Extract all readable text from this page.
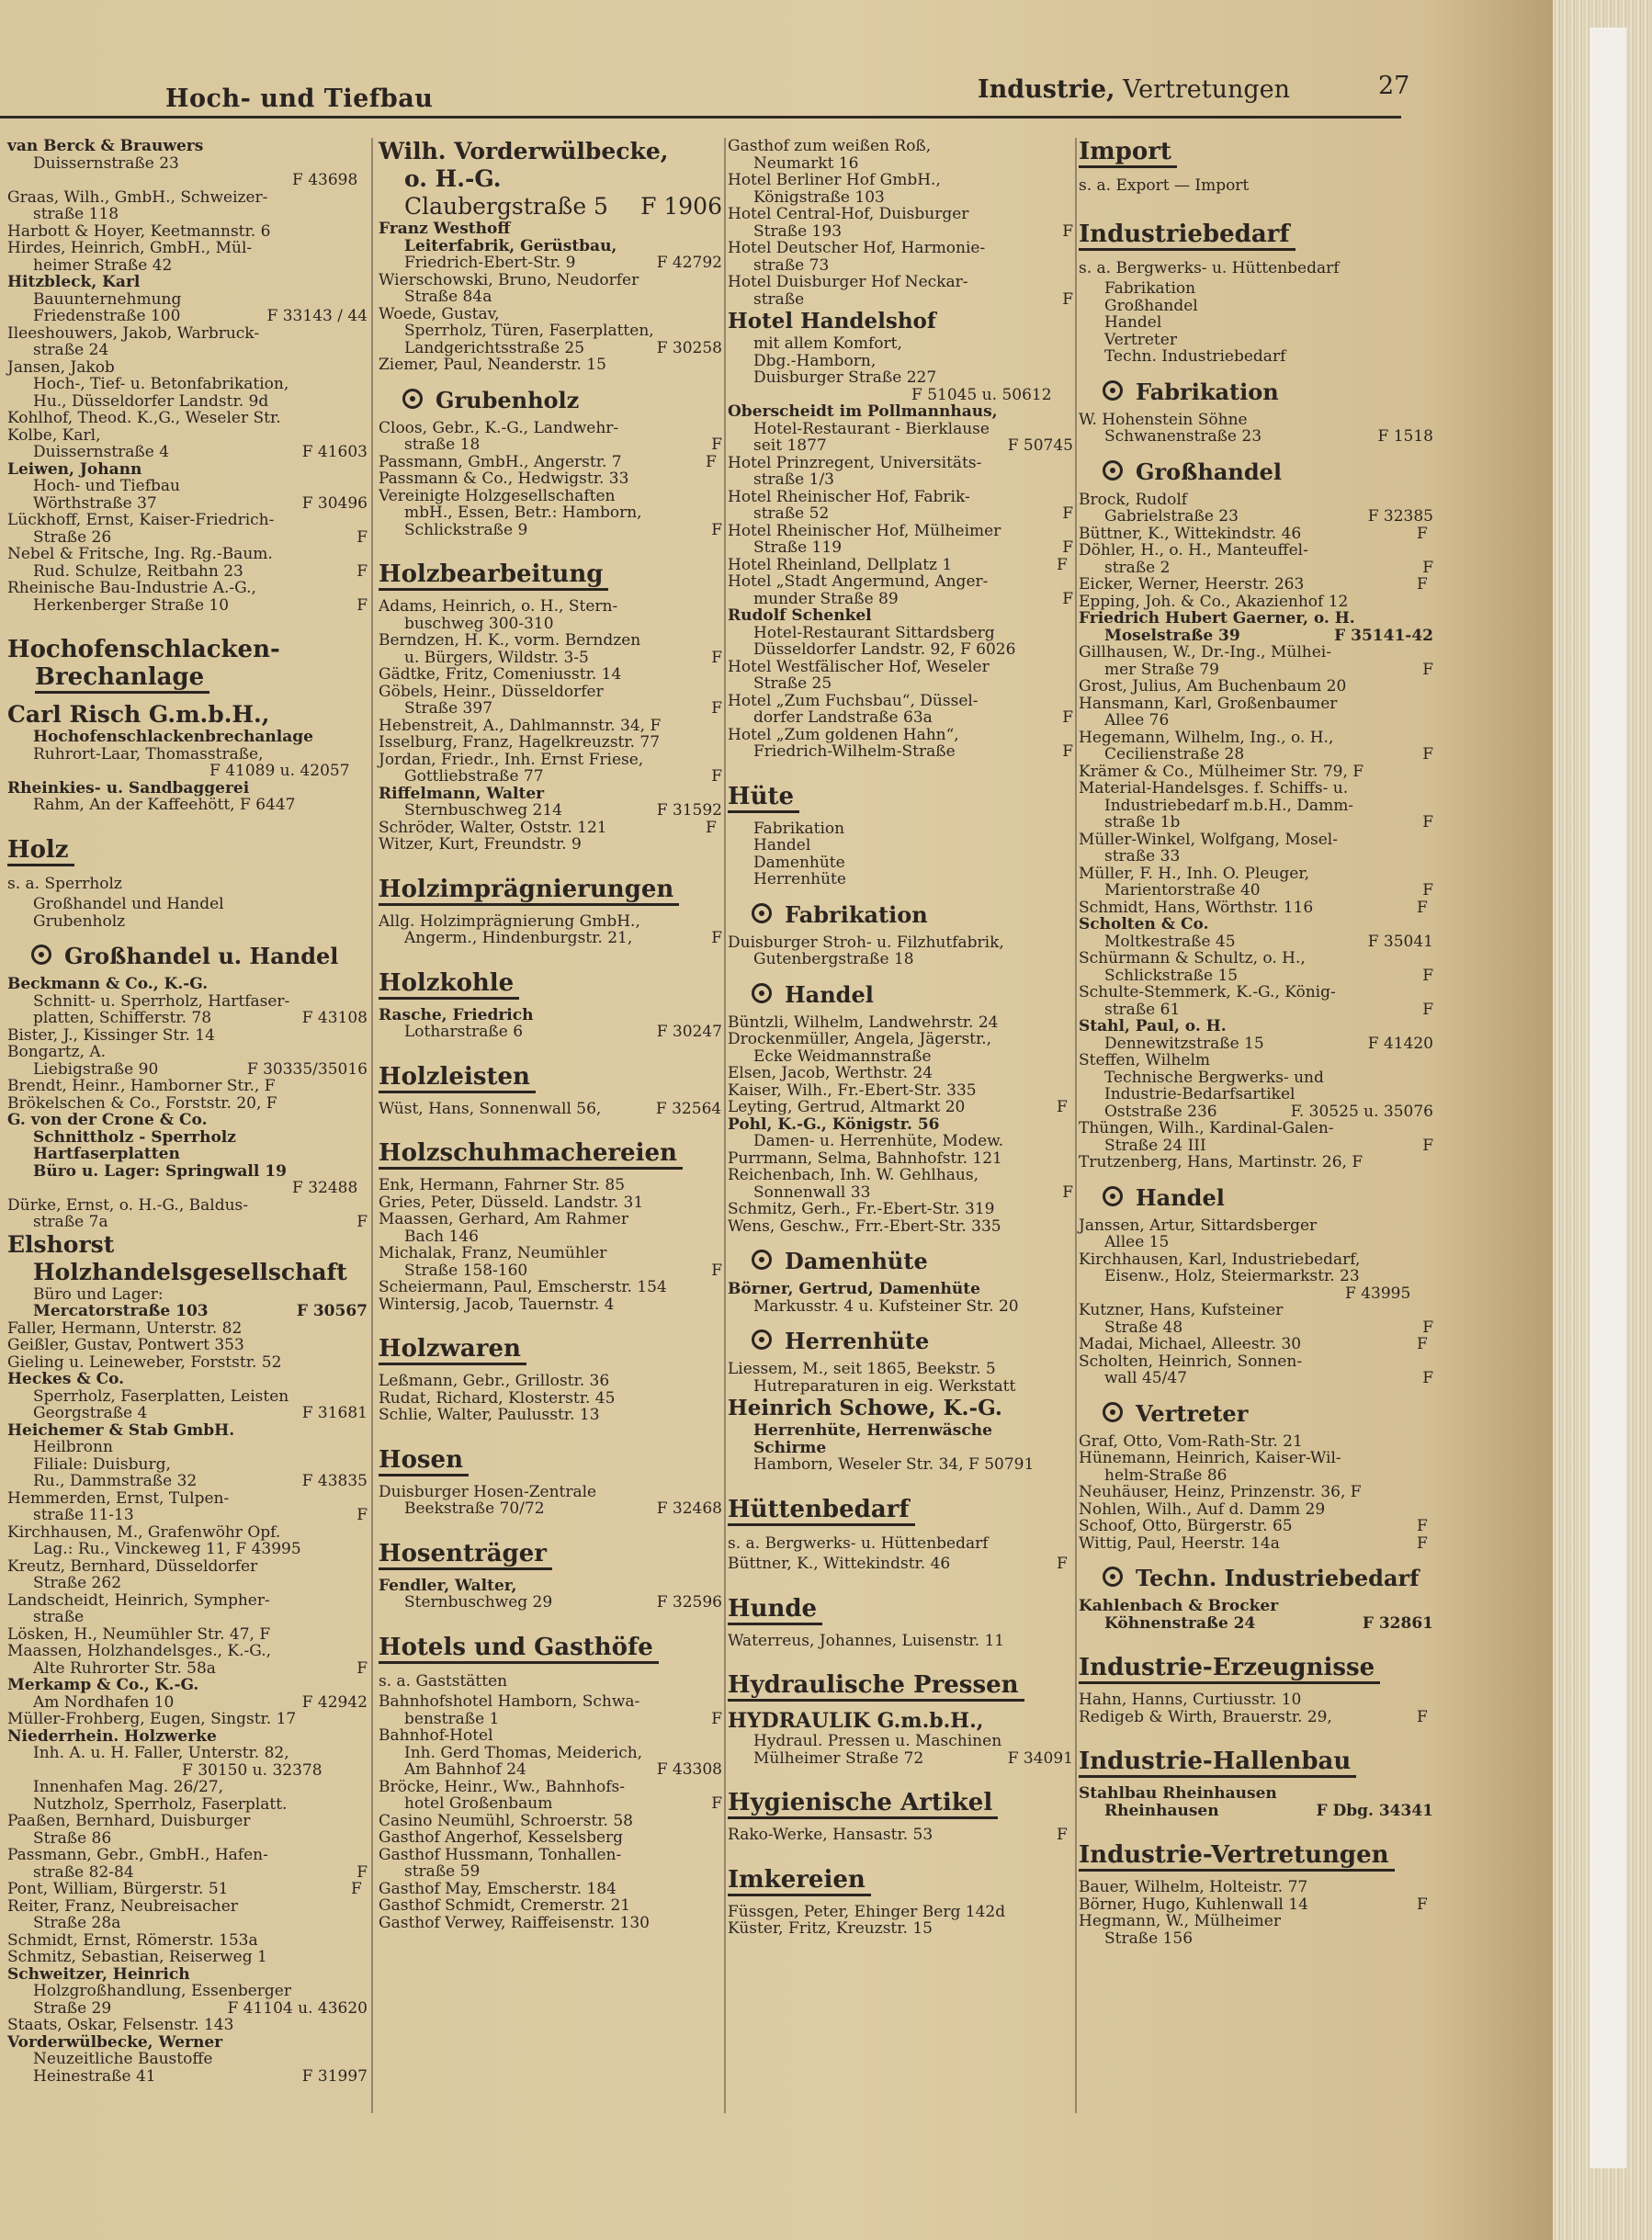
Hoch- und Tiefbau	Industrie, Vertretungen	27

van Berck & Brauwers

Duissernstraße 23

F 43698

Graas, Wilh., GmbH., Schweizer-

straße 118

Harbott & Hoyer, Keetmannstr. 6

Hirdes, Heinrich, GmbH., Mül-

heimer Straße 42

Hitzbleck, Karl

Bauunternehmung

Friedenstraße 100	F 33143 / 44

Ileeshouwers, Jakob, Warbruck-

straße 24

Jansen, Jakob

Hoch-, Tief- u. Betonfabrikation,

Hu., Düsseldorfer Landstr. 9d

Kohlhof, Theod. K.,G., Weseler Str.

Kolbe, Karl,

Duissernstraße 4	F 41603

Leiwen, Johann

Hoch- und Tiefbau

Wörthstraße 37	F 30496

Lückhoff, Ernst, Kaiser-Friedrich-

Straße 26	F

Nebel & Fritsche, Ing. Rg.-Baum.

Rud. Schulze, Reitbahn 23	F

Rheinische Bau-Industrie A.-G.,

Herkenberger Straße 10	F

Hochofenschlacken-
Brechanlage

Carl Risch G.m.b.H.,

Hochofenschlackenbrechanlage

Ruhrort-Laar, Thomasstraße,

F 41089 u. 42057

Rheinkies- u. Sandbaggerei

Rahm, An der Kaffeehött, F 6447

Holz

s. a. Sperrholz

Großhandel und Handel

Grubenholz

Großhandel u. Handel

Beckmann & Co., K.-G.

Schnitt- u. Sperrholz, Hartfaser-

platten, Schifferstr. 78	F 43108

Bister, J., Kissinger Str. 14

Bongartz, A.

Liebigstraße 90	F 30335/35016

Brendt, Heinr., Hamborner Str., F

Brökelschen & Co., Forststr. 20, F

G. von der Crone & Co.

Schnittholz - Sperrholz

Hartfaserplatten

Büro u. Lager: Springwall 19

F 32488

Dürke, Ernst, o. H.-G., Baldus-

straße 7a	F

Elshorst

Holzhandelsgesellschaft

Büro und Lager:

Mercatorstraße 103	F 30567

Faller, Hermann, Unterstr. 82

Geißler, Gustav, Pontwert 353

Gieling u. Leineweber, Forststr. 52

Heckes & Co.

Sperrholz, Faserplatten, Leisten

Georgstraße 4	F 31681

Heichemer & Stab GmbH.

Heilbronn

Filiale: Duisburg,

Ru., Dammstraße 32	F 43835

Hemmerden, Ernst, Tulpen-

straße 11-13	F

Kirchhausen, M., Grafenwöhr Opf.

Lag.: Ru., Vinckeweg 11, F 43995

Kreutz, Bernhard, Düsseldorfer

Straße 262

Landscheidt, Heinrich, Sympher-

straße

Lösken, H., Neumühler Str. 47, F

Maassen, Holzhandelsges., K.-G.,

Alte Ruhrorter Str. 58a	F

Merkamp & Co., K.-G.

Am Nordhafen 10	F 42942

Müller-Frohberg, Eugen, Singstr. 17

Niederrhein. Holzwerke

Inh. A. u. H. Faller, Unterstr. 82,

F 30150 u. 32378

Innenhafen Mag. 26/27,

Nutzholz, Sperrholz, Faserplatt.

Paaßen, Bernhard, Duisburger

Straße 86

Passmann, Gebr., GmbH., Hafen-

straße 82-84	F

Pont, William, Bürgerstr. 51	F

Reiter, Franz, Neubreisacher

Straße 28a

Schmidt, Ernst, Römerstr. 153a

Schmitz, Sebastian, Reiserweg 1

Schweitzer, Heinrich

Holzgroßhandlung, Essenberger

Straße 29	F 41104 u. 43620

Staats, Oskar, Felsenstr. 143

Vorderwülbecke, Werner

Neuzeitliche Baustoffe

Heinestraße 41	F 31997

Wilh. Vorderwülbecke,

o. H.-G.

Claubergstraße 5 F 1906

Franz Westhoff

Leiterfabrik, Gerüstbau,

Friedrich-Ebert-Str. 9	F 42792

Wierschowski, Bruno, Neudorfer

Straße 84a

Woede, Gustav,

Sperrholz, Türen, Faserplatten,

Landgerichtsstraße 25	F 30258

Ziemer, Paul, Neanderstr. 15

Grubenholz

Cloos, Gebr., K.-G., Landwehr-

straße 18	F

Passmann, GmbH., Angerstr. 7	F

Passmann & Co., Hedwigstr. 33

Vereinigte Holzgesellschaften

mbH., Essen, Betr.: Hamborn,

Schlickstraße 9	F

Holzbearbeitung

Adams, Heinrich, o. H., Stern-

buschweg 300-310

Berndzen, H. K., vorm. Berndzen

u. Bürgers, Wildstr. 3-5	F

Gädtke, Fritz, Comeniusstr. 14

Göbels, Heinr., Düsseldorfer

Straße 397	F

Hebenstreit, A., Dahlmannstr. 34, F

Isselburg, Franz, Hagelkreuzstr. 77

Jordan, Friedr., Inh. Ernst Friese,

Gottliebstraße 77	F

Riffelmann, Walter

Sternbuschweg 214	F 31592

Schröder, Walter, Oststr. 121	F

Witzer, Kurt, Freundstr. 9

Holzimprägnierungen

Allg. Holzimprägnierung GmbH.,

Angerm., Hindenburgstr. 21,	F

Holzkohle

Rasche, Friedrich

Lotharstraße 6	F 30247

Holzleisten

Wüst, Hans, Sonnenwall 56,	F 32564

Holzschuhmachereien

Enk, Hermann, Fahrner Str. 85

Gries, Peter, Düsseld. Landstr. 31

Maassen, Gerhard, Am Rahmer

Bach 146

Michalak, Franz, Neumühler

Straße 158-160	F

Scheiermann, Paul, Emscherstr. 154

Wintersig, Jacob, Tauernstr. 4

Holzwaren

Leßmann, Gebr., Grillostr. 36

Rudat, Richard, Klosterstr. 45

Schlie, Walter, Paulusstr. 13

Hosen

Duisburger Hosen-Zentrale

Beekstraße 70/72	F 32468

Hosenträger

Fendler, Walter,

Sternbuschweg 29	F 32596

Hotels und Gasthöfe

s. a. Gaststätten

Bahnhofshotel Hamborn, Schwa-

benstraße 1	F

Bahnhof-Hotel

Inh. Gerd Thomas, Meiderich,

Am Bahnhof 24	F 43308

Bröcke, Heinr., Ww., Bahnhofs-

hotel Großenbaum	F

Casino Neumühl, Schroerstr. 58

Gasthof Angerhof, Kesselsberg

Gasthof Hussmann, Tonhallen-

straße 59

Gasthof May, Emscherstr. 184

Gasthof Schmidt, Cremerstr. 21

Gasthof Verwey, Raiffeisenstr. 130

Gasthof zum weißen Roß,

Neumarkt 16

Hotel Berliner Hof GmbH.,

Königstraße 103

Hotel Central-Hof, Duisburger

Straße 193	F

Hotel Deutscher Hof, Harmonie-

straße 73

Hotel Duisburger Hof Neckar-

straße	F

Hotel Handelshof

mit allem Komfort,

Dbg.-Hamborn,

Duisburger Straße 227

F 51045 u. 50612

Oberscheidt im Pollmannhaus,

Hotel-Restaurant - Bierklause

seit 1877	F 50745

Hotel Prinzregent, Universitäts-

straße 1/3

Hotel Rheinischer Hof, Fabrik-

straße 52	F

Hotel Rheinischer Hof, Mülheimer

Straße 119	F

Hotel Rheinland, Dellplatz 1	F

Hotel „Stadt Angermund, Anger-

munder Straße 89	F

Rudolf Schenkel

Hotel-Restaurant Sittardsberg

Düsseldorfer Landstr. 92, F 6026

Hotel Westfälischer Hof, Weseler

Straße 25

Hotel „Zum Fuchsbau“, Düssel-

dorfer Landstraße 63a	F

Hotel „Zum goldenen Hahn“,

Friedrich-Wilhelm-Straße	F

Hüte

Fabrikation

Handel

Damenhüte

Herrenhüte

Fabrikation

Duisburger Stroh- u. Filzhutfabrik,

Gutenbergstraße 18

Handel

Büntzli, Wilhelm, Landwehrstr. 24

Drockenmüller, Angela, Jägerstr.,

Ecke Weidmannstraße

Elsen, Jacob, Werthstr. 24

Kaiser, Wilh., Fr.-Ebert-Str. 335

Leyting, Gertrud, Altmarkt 20	F

Pohl, K.-G., Königstr. 56

Damen- u. Herrenhüte, Modew.

Purrmann, Selma, Bahnhofstr. 121

Reichenbach, Inh. W. Gehlhaus,

Sonnenwall 33	F

Schmitz, Gerh., Fr.-Ebert-Str. 319

Wens, Geschw., Frr.-Ebert-Str. 335

Damenhüte

Börner, Gertrud, Damenhüte

Markusstr. 4 u. Kufsteiner Str. 20

Herrenhüte

Liessem, M., seit 1865, Beekstr. 5

Hutreparaturen in eig. Werkstatt

Heinrich Schowe, K.-G.

Herrenhüte, Herrenwäsche

Schirme

Hamborn, Weseler Str. 34, F 50791

Hüttenbedarf

s. a. Bergwerks- u. Hüttenbedarf

Büttner, K., Wittekindstr. 46	F

Hunde

Waterreus, Johannes, Luisenstr. 11

Hydraulische Pressen

HYDRAULIK G.m.b.H.,

Hydraul. Pressen u. Maschinen

Mülheimer Straße 72	F 34091

Hygienische Artikel

Rako-Werke, Hansastr. 53	F

Imkereien

Füssgen, Peter, Ehinger Berg 142d

Küster, Fritz, Kreuzstr. 15

Import

s. a. Export — Import

Industriebedarf

s. a. Bergwerks- u. Hüttenbedarf

Fabrikation

Großhandel

Handel

Vertreter

Techn. Industriebedarf

Fabrikation

W. Hohenstein Söhne

Schwanenstraße 23	F 1518

Großhandel

Brock, Rudolf

Gabrielstraße 23	F 32385

Büttner, K., Wittekindstr. 46	F

Döhler, H., o. H., Manteuffel-

straße 2	F

Eicker, Werner, Heerstr. 263	F

Epping, Joh. & Co., Akazienhof 12

Friedrich Hubert Gaerner, o. H.

Moselstraße 39	F 35141-42

Gillhausen, W., Dr.-Ing., Mülhei-

mer Straße 79	F

Grost, Julius, Am Buchenbaum 20

Hansmann, Karl, Großenbaumer

Allee 76

Hegemann, Wilhelm, Ing., o. H.,

Cecilienstraße 28	F

Krämer & Co., Mülheimer Str. 79, F

Material-Handelsges. f. Schiffs- u.

Industriebedarf m.b.H., Damm-

straße 1b	F

Müller-Winkel, Wolfgang, Mosel-

straße 33

Müller, F. H., Inh. O. Pleuger,

Marientorstraße 40	F

Schmidt, Hans, Wörthstr. 116	F

Scholten & Co.

Moltkestraße 45	F 35041

Schürmann & Schultz, o. H.,

Schlickstraße 15	F

Schulte-Stemmerk, K.-G., König-

straße 61	F

Stahl, Paul, o. H.

Dennewitzstraße 15	F 41420

Steffen, Wilhelm

Technische Bergwerks- und

Industrie-Bedarfsartikel

Oststraße 236	F. 30525 u. 35076

Thüngen, Wilh., Kardinal-Galen-

Straße 24 III	F

Trutzenberg, Hans, Martinstr. 26, F

Handel

Janssen, Artur, Sittardsberger

Allee 15

Kirchhausen, Karl, Industriebedarf,

Eisenw., Holz, Steiermarkstr. 23

F 43995

Kutzner, Hans, Kufsteiner

Straße 48	F

Madai, Michael, Alleestr. 30	F

Scholten, Heinrich, Sonnen-

wall 45/47	F

Vertreter

Graf, Otto, Vom-Rath-Str. 21

Hünemann, Heinrich, Kaiser-Wil-

helm-Straße 86

Neuhäuser, Heinz, Prinzenstr. 36, F

Nohlen, Wilh., Auf d. Damm 29

Schoof, Otto, Bürgerstr. 65	F

Wittig, Paul, Heerstr. 14a	F

Techn. Industriebedarf

Kahlenbach & Brocker

Köhnenstraße 24	F 32861

Industrie-Erzeugnisse

Hahn, Hanns, Curtiusstr. 10

Redigeb & Wirth, Brauerstr. 29,	F

Industrie-Hallenbau

Stahlbau Rheinhausen

Rheinhausen	F Dbg. 34341

Industrie-Vertretungen

Bauer, Wilhelm, Holteistr. 77

Börner, Hugo, Kuhlenwall 14	F

Hegmann, W., Mülheimer

Straße 156
